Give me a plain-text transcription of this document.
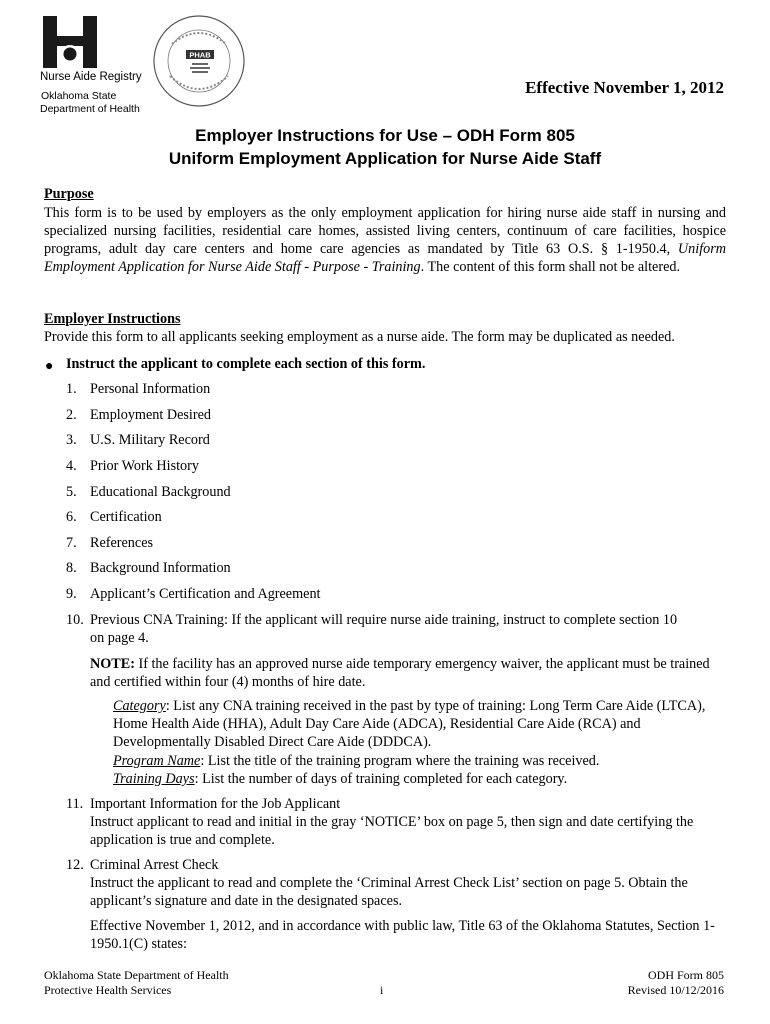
Nurse Aide Registry
Oklahoma State
Department of Health
PHAB
Effective November 1, 2012
Employer Instructions for Use – ODH Form 805
Uniform Employment Application for Nurse Aide Staff
Purpose
This form is to be used by employers as the only employment application for hiring nurse aide staff in nursing and specialized nursing facilities, residential care homes, assisted living centers, continuum of care facilities, hospice programs, adult day care centers and home care agencies as mandated by Title 63 O.S. § 1-1950.4, Uniform Employment Application for Nurse Aide Staff - Purpose - Training. The content of this form shall not be altered.
Employer Instructions
Provide this form to all applicants seeking employment as a nurse aide. The form may be duplicated as needed.
● Instruct the applicant to complete each section of this form.
1. Personal Information
2. Employment Desired
3. U.S. Military Record
4. Prior Work History
5. Educational Background
6. Certification
7. References
8. Background Information
9. Applicant’s Certification and Agreement
10. Previous CNA Training: If the applicant will require nurse aide training, instruct to complete section 10
on page 4.
NOTE: If the facility has an approved nurse aide temporary emergency waiver, the applicant must be trained and certified within four (4) months of hire date.
Category: List any CNA training received in the past by type of training: Long Term Care Aide (LTCA), Home Health Aide (HHA), Adult Day Care Aide (ADCA), Residential Care Aide (RCA) and Developmentally Disabled Direct Care Aide (DDDCA).
Program Name: List the title of the training program where the training was received.
Training Days: List the number of days of training completed for each category.
11. Important Information for the Job Applicant
Instruct applicant to read and initial in the gray ‘NOTICE’ box on page 5, then sign and date certifying the application is true and complete.
12. Criminal Arrest Check
Instruct the applicant to read and complete the ‘Criminal Arrest Check List’ section on page 5. Obtain the applicant’s signature and date in the designated spaces.
Effective November 1, 2012, and in accordance with public law, Title 63 of the Oklahoma Statutes, Section 1-1950.1(C) states:
Oklahoma State Department of Health
Protective Health Services	i
ODH Form 805
Revised 10/12/2016
